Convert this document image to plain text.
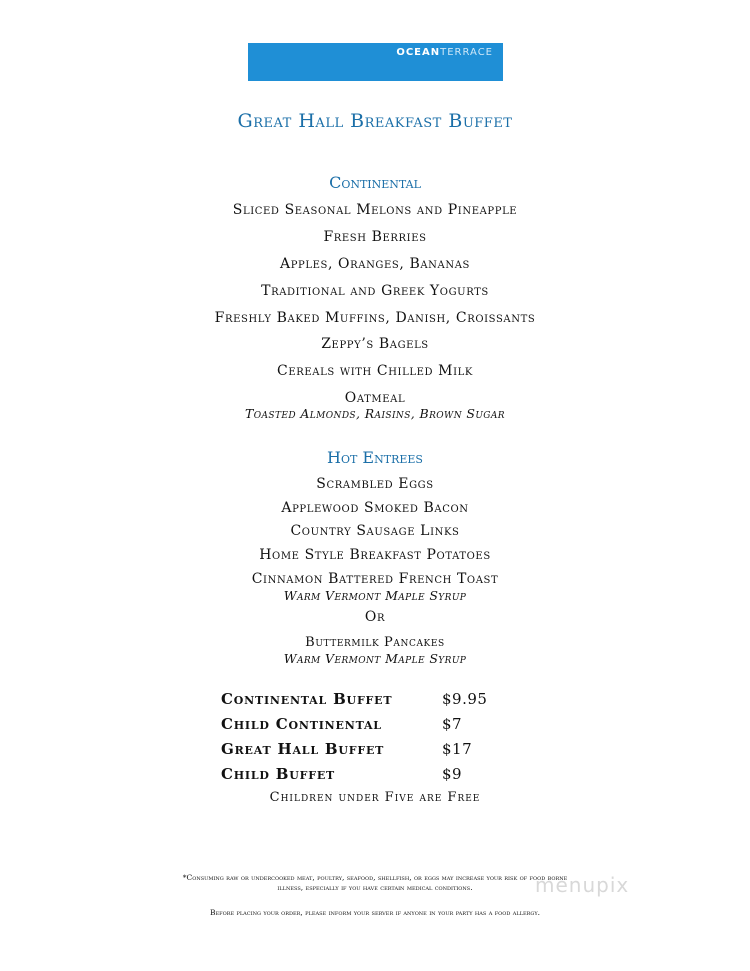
OCEANTERRACE
Great Hall Breakfast Buffet
Continental
Sliced Seasonal Melons and Pineapple
Fresh Berries
Apples, Oranges, Bananas
Traditional and Greek Yogurts
Freshly Baked Muffins, Danish, Croissants
Zeppy’s Bagels
Cereals with Chilled Milk
Oatmeal
Toasted Almonds, Raisins, Brown Sugar
Hot Entrees
Scrambled Eggs
Applewood Smoked Bacon
Country Sausage Links
Home Style Breakfast Potatoes
Cinnamon Battered French Toast
Warm Vermont Maple Syrup
Or
Buttermilk Pancakes
Warm Vermont Maple Syrup
Continental Buffet	$9.95
Child Continental	$7
Great Hall Buffet	$17
Child Buffet	$9
Children under Five are Free
*Consuming raw or undercooked meat, poultry, seafood, shellfish, or eggs may increase your risk of food borne illness, especially if you have certain medical conditions.
Before placing your order, please inform your server if anyone in your party has a food allergy.
menupix
